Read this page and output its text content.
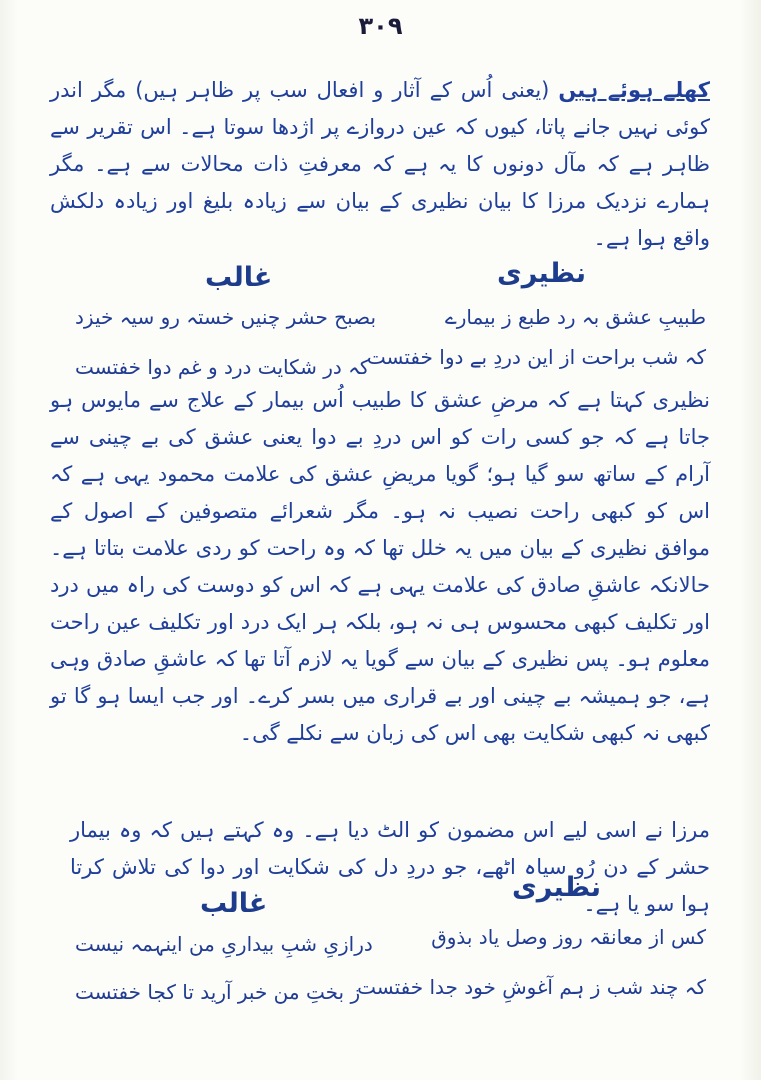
۳۰۹
کھلے ہوئے ہیں (یعنی اُس کے آثار و افعال سب پر ظاہر ہیں) مگر اندر کوئی نہیں جانے پاتا، کیوں کہ عین دروازے پر اژدھا سوتا ہے۔ اس تقریر سے ظاہر ہے کہ مآل دونوں کا یہ ہے کہ معرفتِ ذات محالات سے ہے۔ مگر ہمارے نزدیک مرزا کا بیان نظیری کے بیان سے زیادہ بلیغ اور زیادہ دلکش واقع ہوا ہے۔
نظیری
غالب
طبیبِ عشق بہ رد طبع ز بیمارے
کہ شب براحت از این دردِ بے دوا خفتست
بصبح حشر چنیں خستہ رو سیہ خیزد
کہ در شکایت درد و غم دوا خفتست
نظیری کہتا ہے کہ مرضِ عشق کا طبیب اُس بیمار کے علاج سے مایوس ہو جاتا ہے کہ جو کسی رات کو اس دردِ بے دوا یعنی عشق کی بے چینی سے آرام کے ساتھ سو گیا ہو؛ گویا مریضِ عشق کی علامت محمود یہی ہے کہ اس کو کبھی راحت نصیب نہ ہو۔ مگر شعرائے متصوفین کے اصول کے موافق نظیری کے بیان میں یہ خلل تھا کہ وہ راحت کو ردی علامت بتاتا ہے۔ حالانکہ عاشقِ صادق کی علامت یہی ہے کہ اس کو دوست کی راہ میں درد اور تکلیف کبھی محسوس ہی نہ ہو، بلکہ ہر ایک درد اور تکلیف عین راحت معلوم ہو۔ پس نظیری کے بیان سے گویا یہ لازم آتا تھا کہ عاشقِ صادق وہی ہے، جو ہمیشہ بے چینی اور بے قراری میں بسر کرے۔ اور جب ایسا ہو گا تو کبھی نہ کبھی شکایت بھی اس کی زبان سے نکلے گی۔
مرزا نے اسی لیے اس مضمون کو الٹ دیا ہے۔ وہ کہتے ہیں کہ وہ بیمار حشر کے دن رُو سیاہ اٹھے، جو دردِ دل کی شکایت اور دوا کی تلاش کرتا ہوا سو یا ہے۔
نظیری
غالب
کس از معانقہ روز وصل یاد بذوق
کہ چند شب ز ہم آغوشِ خود جدا خفتست
درازیِ شبِ بیداریِ من اینہمہ نیست
ز بختِ من خبر آرید تا کجا خفتست
